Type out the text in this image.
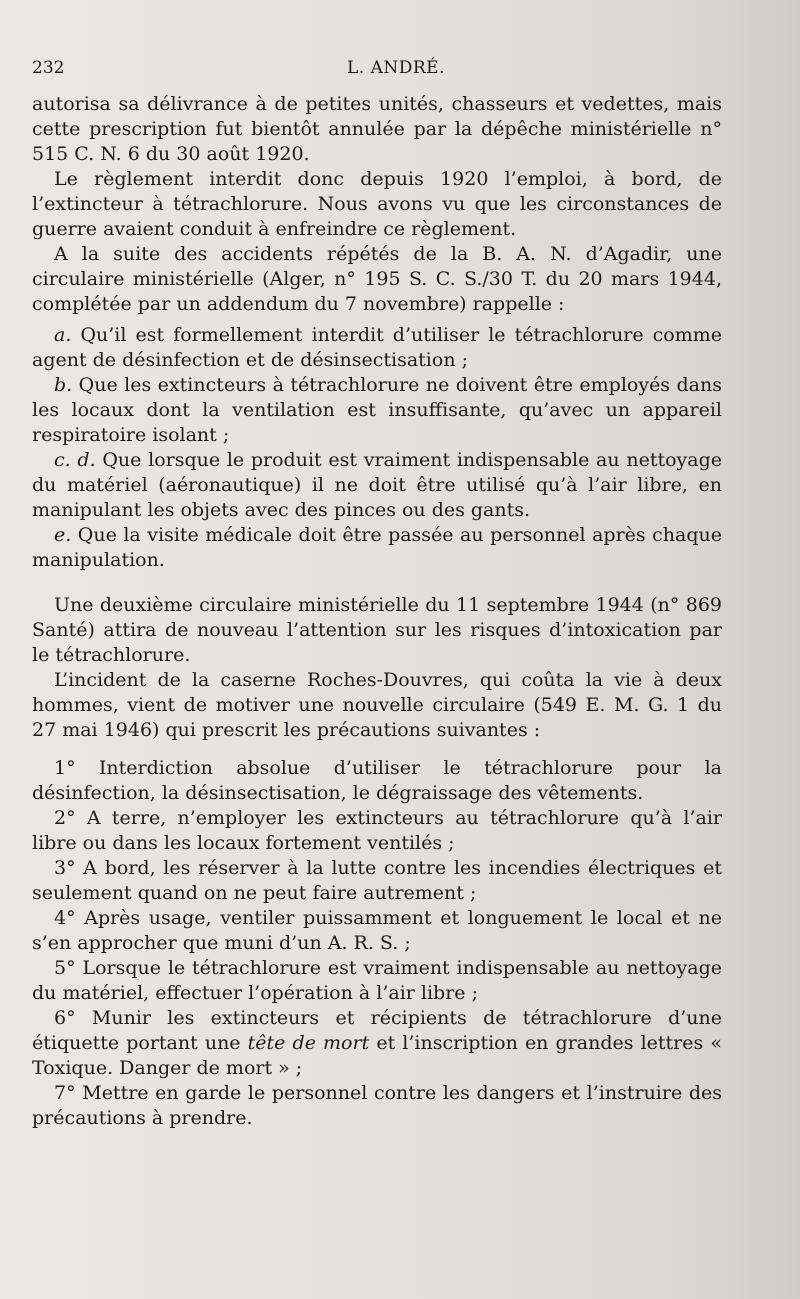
232	L. ANDRÉ.

autorisa sa délivrance à de petites unités, chasseurs et vedettes, mais cette prescription fut bientôt annulée par la dépêche ministérielle n° 515 C. N. 6 du 30 août 1920.

Le règlement interdit donc depuis 1920 l’emploi, à bord, de l’extincteur à tétrachlorure. Nous avons vu que les circonstances de guerre avaient conduit à enfreindre ce règlement.

A la suite des accidents répétés de la B. A. N. d’Agadir, une circulaire ministérielle (Alger, n° 195 S. C. S./30 T. du 20 mars 1944, complétée par un addendum du 7 novembre) rappelle :

a. Qu’il est formellement interdit d’utiliser le tétrachlorure comme agent de désinfection et de désinsectisation ;

b. Que les extincteurs à tétrachlorure ne doivent être employés dans les locaux dont la ventilation est insuffisante, qu’avec un appareil respiratoire isolant ;

c. d. Que lorsque le produit est vraiment indispensable au nettoyage du matériel (aéronautique) il ne doit être utilisé qu’à l’air libre, en manipulant les objets avec des pinces ou des gants.

e. Que la visite médicale doit être passée au personnel après chaque manipulation.

Une deuxième circulaire ministérielle du 11 septembre 1944 (n° 869 Santé) attira de nouveau l’attention sur les risques d’intoxication par le tétrachlorure.

L’incident de la caserne Roches-Douvres, qui coûta la vie à deux hommes, vient de motiver une nouvelle circulaire (549 E. M. G. 1 du 27 mai 1946) qui prescrit les précautions suivantes :

1° Interdiction absolue d’utiliser le tétrachlorure pour la désinfection, la désinsectisation, le dégraissage des vêtements.

2° A terre, n’employer les extincteurs au tétrachlorure qu’à l’air libre ou dans les locaux fortement ventilés ;

3° A bord, les réserver à la lutte contre les incendies électriques et seulement quand on ne peut faire autrement ;

4° Après usage, ventiler puissamment et longuement le local et ne s’en approcher que muni d’un A. R. S. ;

5° Lorsque le tétrachlorure est vraiment indispensable au nettoyage du matériel, effectuer l’opération à l’air libre ;

6° Munir les extincteurs et récipients de tétrachlorure d’une étiquette portant une tête de mort et l’inscription en grandes lettres « Toxique. Danger de mort » ;

7° Mettre en garde le personnel contre les dangers et l’instruire des précautions à prendre.
